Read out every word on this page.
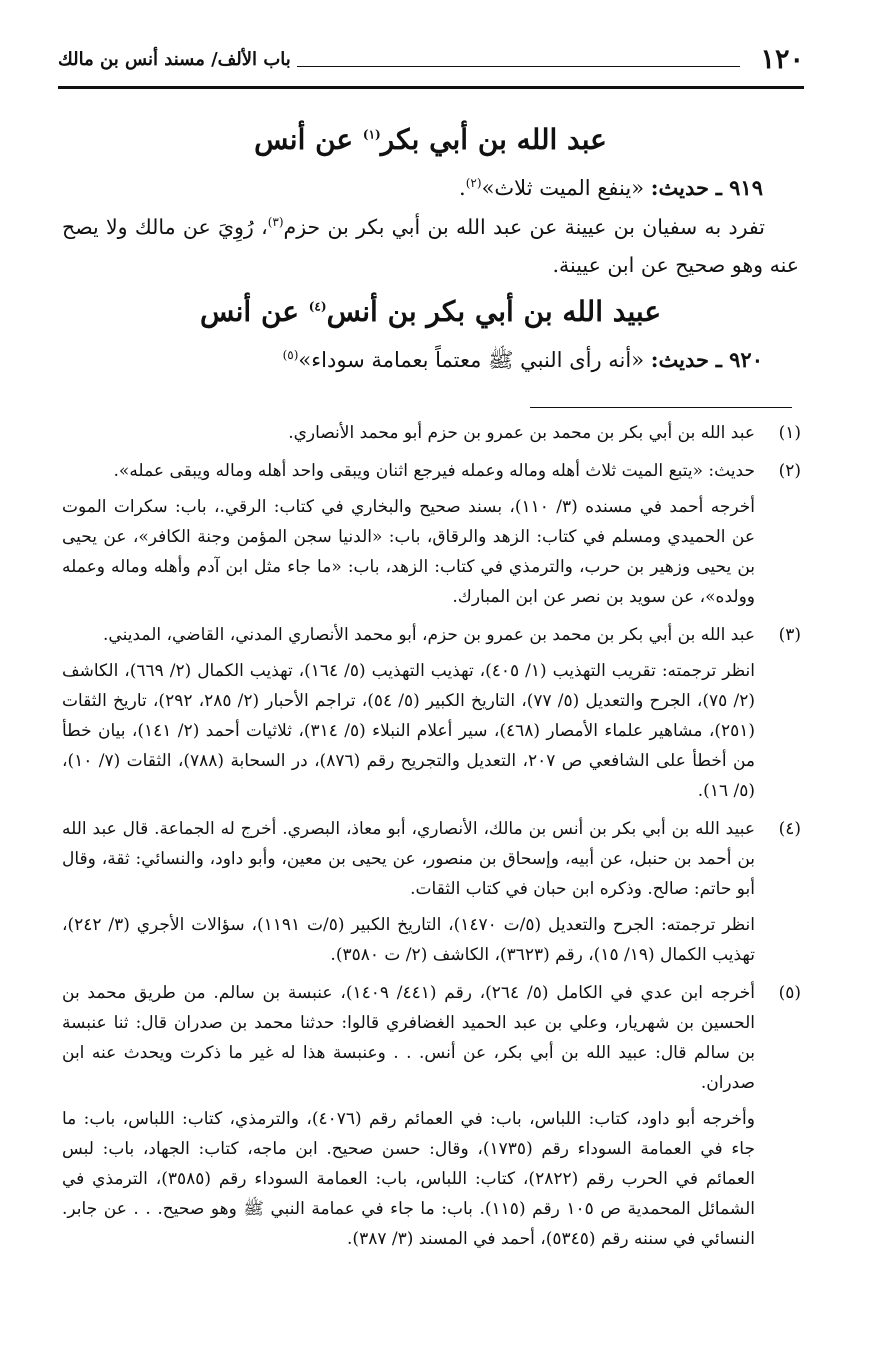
١٢٠
باب الألف/ مسند أنس بن مالك

عبد الله بن أبي بكر$^{(١)}$ عن أنس

٩١٩ ـ حديث: «ينفع الميت ثلاث»$^{(٢)}$.

تفرد به سفيان بن عيينة عن عبد الله بن أبي بكر بن حزم$^{(٣)}$، رُوِيَ عن مالك ولا يصح عنه وهو صحيح عن ابن عيينة.

عبيد الله بن أبي بكر بن أنس$^{(٤)}$ عن أنس

٩٢٠ ـ حديث: «أنه رأى النبي ﷺ معتماً بعمامة سوداء»$^{(٥)}$

(١)

عبد الله بن أبي بكر بن محمد بن عمرو بن حزم أبو محمد الأنصاري.

(٢)

حديث: «يتبع الميت ثلاث أهله وماله وعمله فيرجع اثنان ويبقى واحد أهله وماله ويبقى عمله».

أخرجه أحمد في مسنده (٣/ ١١٠)، بسند صحيح والبخاري في كتاب: الرقي.، باب: سكرات الموت عن الحميدي ومسلم في كتاب: الزهد والرقاق، باب: «الدنيا سجن المؤمن وجنة الكافر»، عن يحيى بن يحيى وزهير بن حرب، والترمذي في كتاب: الزهد، باب: «ما جاء مثل ابن آدم وأهله وماله وعمله وولده»، عن سويد بن نصر عن ابن المبارك.

(٣)

عبد الله بن أبي بكر بن محمد بن عمرو بن حزم، أبو محمد الأنصاري المدني، القاضي، المديني.

انظر ترجمته: تقريب التهذيب (١/ ٤٠٥)، تهذيب التهذيب (٥/ ١٦٤)، تهذيب الكمال (٢/ ٦٦٩)، الكاشف (٢/ ٧٥)، الجرح والتعديل (٥/ ٧٧)، التاريخ الكبير (٥/ ٥٤)، تراجم الأحبار (٢/ ٢٨٥، ٢٩٢)، تاريخ الثقات (٢٥١)، مشاهير علماء الأمصار (٤٦٨)، سير أعلام النبلاء (٥/ ٣١٤)، ثلاثيات أحمد (٢/ ١٤١)، بيان خطأ من أخطأ على الشافعي ص ٢٠٧، التعديل والتجريح رقم (٨٧٦)، در السحابة (٧٨٨)، الثقات (٧/ ١٠)، (٥/ ١٦).

(٤)

عبيد الله بن أبي بكر بن أنس بن مالك، الأنصاري، أبو معاذ، البصري. أخرج له الجماعة. قال عبد الله بن أحمد بن حنبل، عن أبيه، وإسحاق بن منصور، عن يحيى بن معين، وأبو داود، والنسائي: ثقة، وقال أبو حاتم: صالح. وذكره ابن حبان في كتاب الثقات.

انظر ترجمته: الجرح والتعديل (٥/ت ١٤٧٠)، التاريخ الكبير (٥/ت ١١٩١)، سؤالات الأجري (٣/ ٢٤٢)، تهذيب الكمال (١٩/ ١٥)، رقم (٣٦٢٣)، الكاشف (٢/ ت ٣٥٨٠).

(٥)

أخرجه ابن عدي في الكامل (٥/ ٢٦٤)، رقم (٤٤١/ ١٤٠٩)، عنبسة بن سالم. من طريق محمد بن الحسين بن شهريار، وعلي بن عبد الحميد الغضافري قالوا: حدثنا محمد بن صدران قال: ثنا عنبسة بن سالم قال: عبيد الله بن أبي بكر، عن أنس. . . وعنبسة هذا له غير ما ذكرت ويحدث عنه ابن صدران.

وأخرجه أبو داود، كتاب: اللباس، باب: في العمائم رقم (٤٠٧٦)، والترمذي، كتاب: اللباس، باب: ما جاء في العمامة السوداء رقم (١٧٣٥)، وقال: حسن صحيح. ابن ماجه، كتاب: الجهاد، باب: لبس العمائم في الحرب رقم (٢٨٢٢)، كتاب: اللباس، باب: العمامة السوداء رقم (٣٥٨٥)، الترمذي في الشمائل المحمدية ص ١٠٥ رقم (١١٥). باب: ما جاء في عمامة النبي ﷺ وهو صحيح. . . عن جابر. النسائي في سننه رقم (٥٣٤٥)، أحمد في المسند (٣/ ٣٨٧).
